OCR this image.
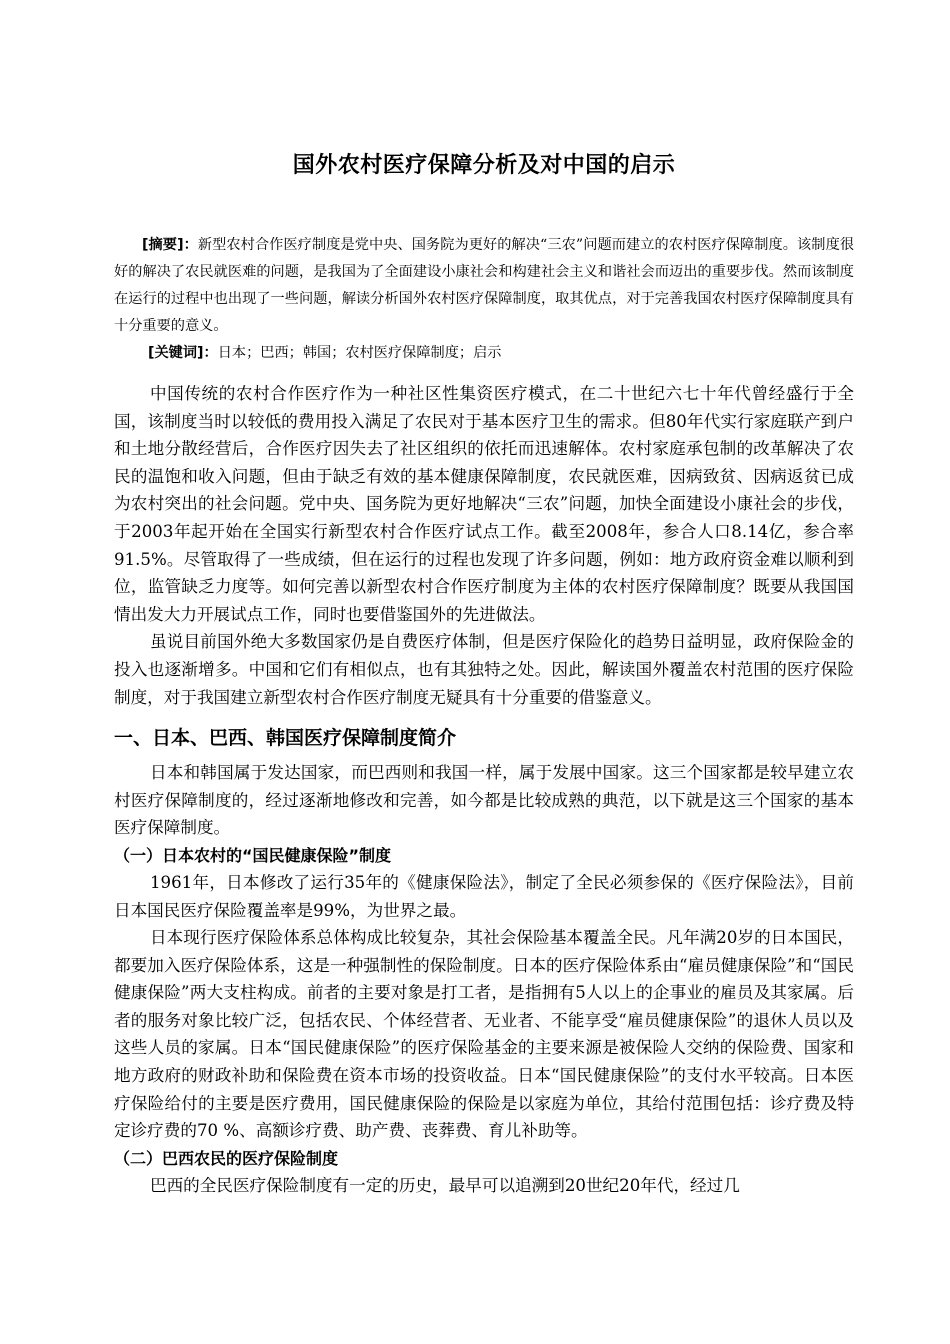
国外农村医疗保障分析及对中国的启示

[摘要]：新型农村合作医疗制度是党中央、国务院为更好的解决“三农”问题而建立的农村医疗保障制度。该制度很好的解决了农民就医难的问题，是我国为了全面建设小康社会和构建社会主义和谐社会而迈出的重要步伐。然而该制度在运行的过程中也出现了一些问题，解读分析国外农村医疗保障制度，取其优点，对于完善我国农村医疗保障制度具有十分重要的意义。

[关键词]：日本；巴西；韩国；农村医疗保障制度；启示

中国传统的农村合作医疗作为一种社区性集资医疗模式，在二十世纪六七十年代曾经盛行于全国，该制度当时以较低的费用投入满足了农民对于基本医疗卫生的需求。但80年代实行家庭联产到户和土地分散经营后，合作医疗因失去了社区组织的依托而迅速解体。农村家庭承包制的改革解决了农民的温饱和收入问题，但由于缺乏有效的基本健康保障制度，农民就医难，因病致贫、因病返贫已成为农村突出的社会问题。党中央、国务院为更好地解决“三农”问题，加快全面建设小康社会的步伐，于2003年起开始在全国实行新型农村合作医疗试点工作。截至2008年，参合人口8.14亿，参合率91.5%。尽管取得了一些成绩，但在运行的过程也发现了许多问题，例如：地方政府资金难以顺利到位，监管缺乏力度等。如何完善以新型农村合作医疗制度为主体的农村医疗保障制度？既要从我国国情出发大力开展试点工作，同时也要借鉴国外的先进做法。

虽说目前国外绝大多数国家仍是自费医疗体制，但是医疗保险化的趋势日益明显，政府保险金的投入也逐渐增多。中国和它们有相似点，也有其独特之处。因此，解读国外覆盖农村范围的医疗保险制度，对于我国建立新型农村合作医疗制度无疑具有十分重要的借鉴意义。

一、日本、巴西、韩国医疗保障制度简介

日本和韩国属于发达国家，而巴西则和我国一样，属于发展中国家。这三个国家都是较早建立农村医疗保障制度的，经过逐渐地修改和完善，如今都是比较成熟的典范，以下就是这三个国家的基本医疗保障制度。

（一）日本农村的“国民健康保险”制度

1961年，日本修改了运行35年的《健康保险法》，制定了全民必须参保的《医疗保险法》，目前日本国民医疗保险覆盖率是99%，为世界之最。

日本现行医疗保险体系总体构成比较复杂，其社会保险基本覆盖全民。凡年满20岁的日本国民，都要加入医疗保险体系，这是一种强制性的保险制度。日本的医疗保险体系由“雇员健康保险”和“国民健康保险”两大支柱构成。前者的主要对象是打工者，是指拥有5人以上的企事业的雇员及其家属。后者的服务对象比较广泛，包括农民、个体经营者、无业者、不能享受“雇员健康保险”的退休人员以及这些人员的家属。日本“国民健康保险”的医疗保险基金的主要来源是被保险人交纳的保险费、国家和地方政府的财政补助和保险费在资本市场的投资收益。日本“国民健康保险”的支付水平较高。日本医疗保险给付的主要是医疗费用，国民健康保险的保险是以家庭为单位，其给付范围包括：诊疗费及特定诊疗费的70 %、高额诊疗费、助产费、丧葬费、育儿补助等。

（二）巴西农民的医疗保险制度

巴西的全民医疗保险制度有一定的历史，最早可以追溯到20世纪20年代，经过几
